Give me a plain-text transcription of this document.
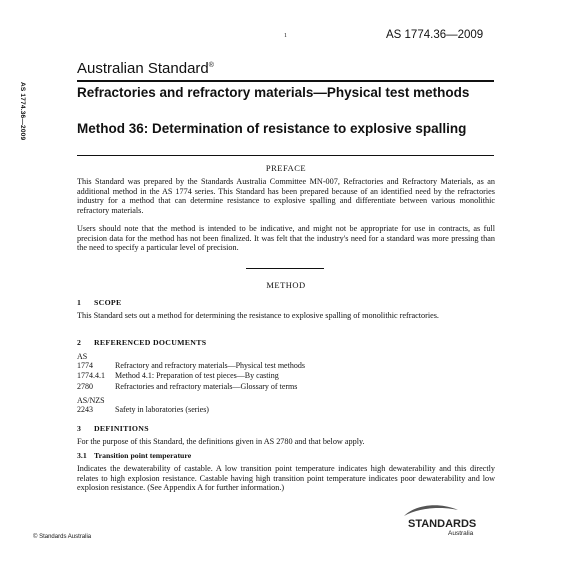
1	AS 1774.36—2009
AS 1774.36—2009
Australian Standard®
Refractories and refractory materials—Physical test methods
Method 36: Determination of resistance to explosive spalling
PREFACE

This Standard was prepared by the Standards Australia Committee MN-007, Refractories and Refractory Materials, as an additional method in the AS 1774 series. This Standard has been prepared because of an identified need by the refractories industry for a method that can determine resistance to explosive spalling and differentiate between various monolithic refractory materials.

Users should note that the method is intended to be indicative, and might not be appropriate for use in contracts, as full precision data for the method has not been finalized. It was felt that the industry's need for a standard was more pressing than the need to specify a particular level of precision.

METHOD
1 SCOPE

This Standard sets out a method for determining the resistance to explosive spalling of monolithic refractories.

2 REFERENCED DOCUMENTS
AS
1774	Refractory and refractory materials—Physical test methods
1774.4.1	Method 4.1: Preparation of test pieces—By casting
2780	Refractories and refractory materials—Glossary of terms
AS/NZS
2243	Safety in laboratories (series)
3 DEFINITIONS

For the purpose of this Standard, the definitions given in AS 2780 and that below apply.

3.1 Transition point temperature

Indicates the dewaterability of castable. A low transition point temperature indicates high dewaterability and this directly relates to high explosion resistance. Castable having high transition point temperature indicates poor dewaterability and low explosion resistance. (See Appendix A for further information.)

© Standards Australia
STANDARDS
Australia
